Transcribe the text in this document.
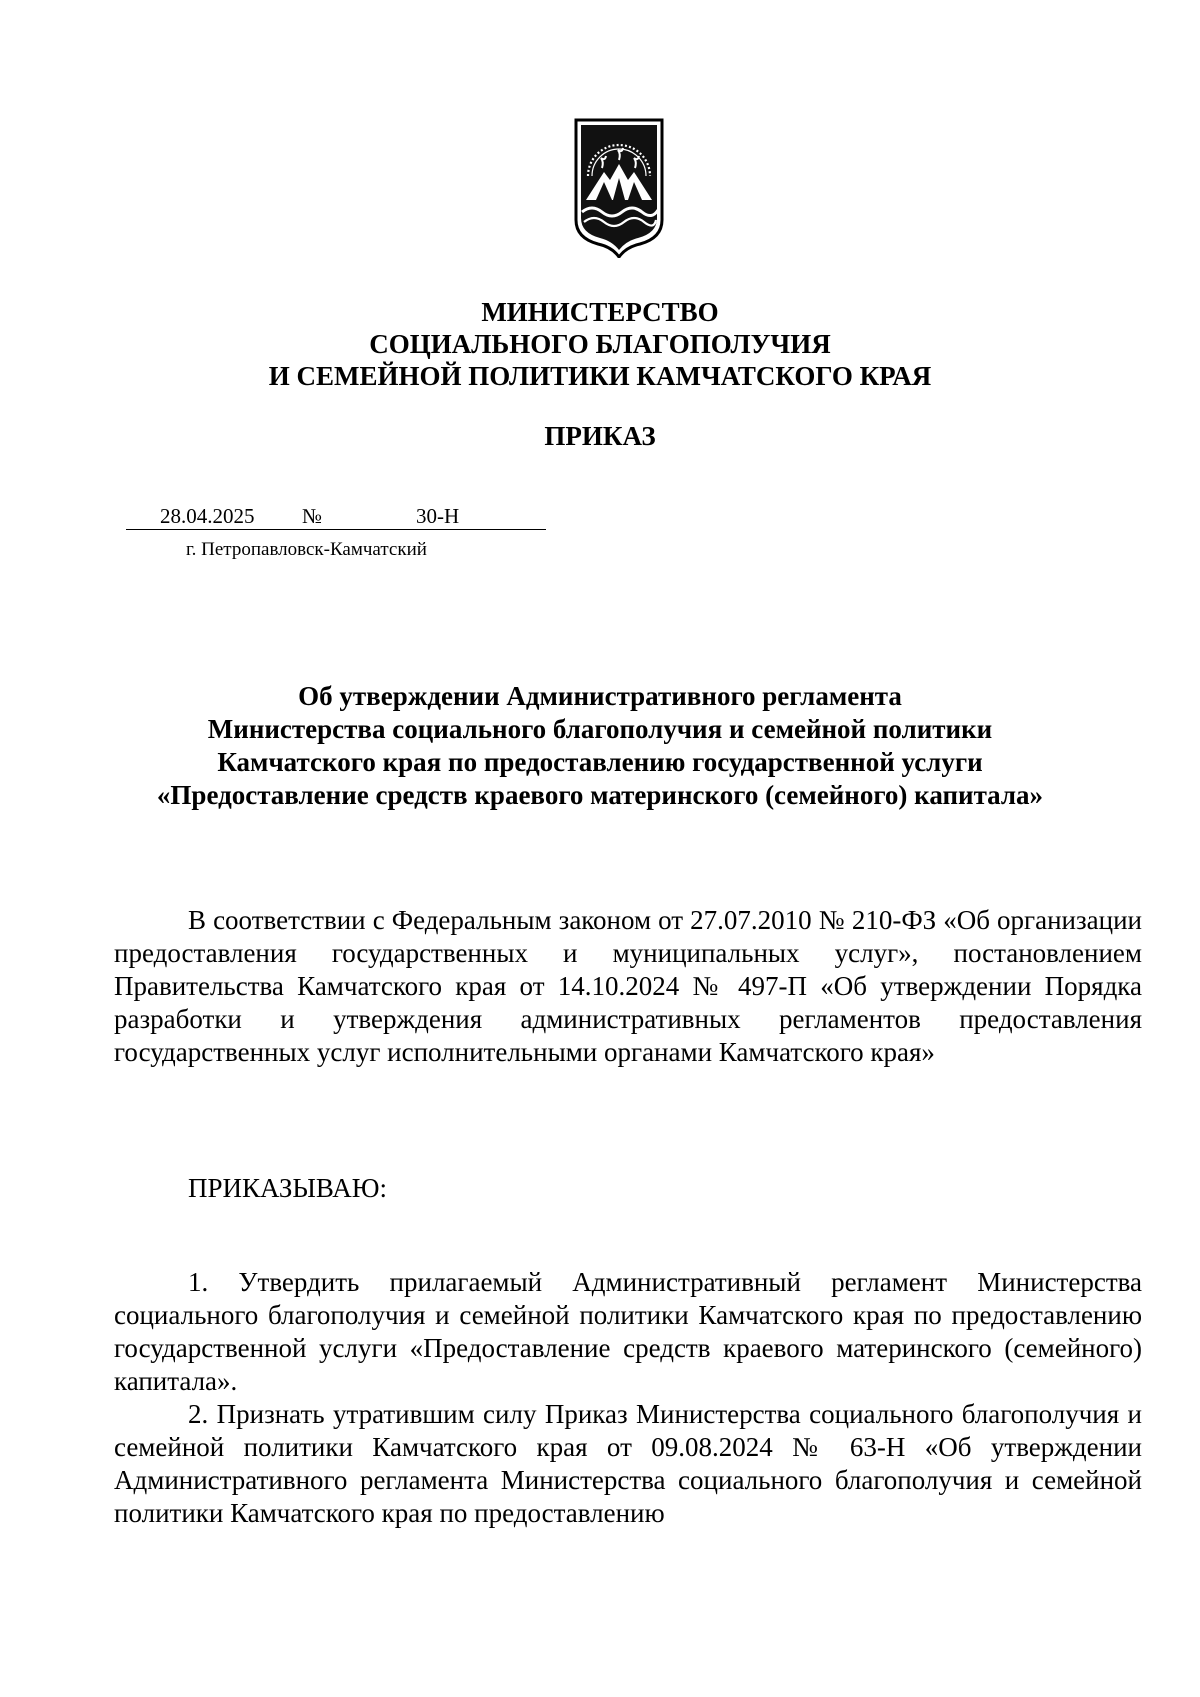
МИНИСТЕРСТВО
СОЦИАЛЬНОГО БЛАГОПОЛУЧИЯ
И СЕМЕЙНОЙ ПОЛИТИКИ КАМЧАТСКОГО КРАЯ
ПРИКАЗ
28.04.2025 №	30-Н
г. Петропавловск-Камчатский
Об утверждении Административного регламента
Министерства социального благополучия и семейной политики
Камчатского края по предоставлению государственной услуги
«Предоставление средств краевого материнского (семейного) капитала»
В соответствии с Федеральным законом от 27.07.2010 № 210-ФЗ «Об организации предоставления государственных и муниципальных услуг», постановлением Правительства Камчатского края от 14.10.2024 № 497-П «Об утверждении Порядка разработки и утверждения административных регламентов предоставления государственных услуг исполнительными органами Камчатского края»
ПРИКАЗЫВАЮ:
1. Утвердить прилагаемый Административный регламент Министерства социального благополучия и семейной политики Камчатского края по предоставлению государственной услуги «Предоставление средств краевого материнского (семейного) капитала».
2. Признать утратившим силу Приказ Министерства социального благополучия и семейной политики Камчатского края от 09.08.2024 № 63-Н «Об утверждении Административного регламента Министерства социального благополучия и семейной политики Камчатского края по предоставлению
